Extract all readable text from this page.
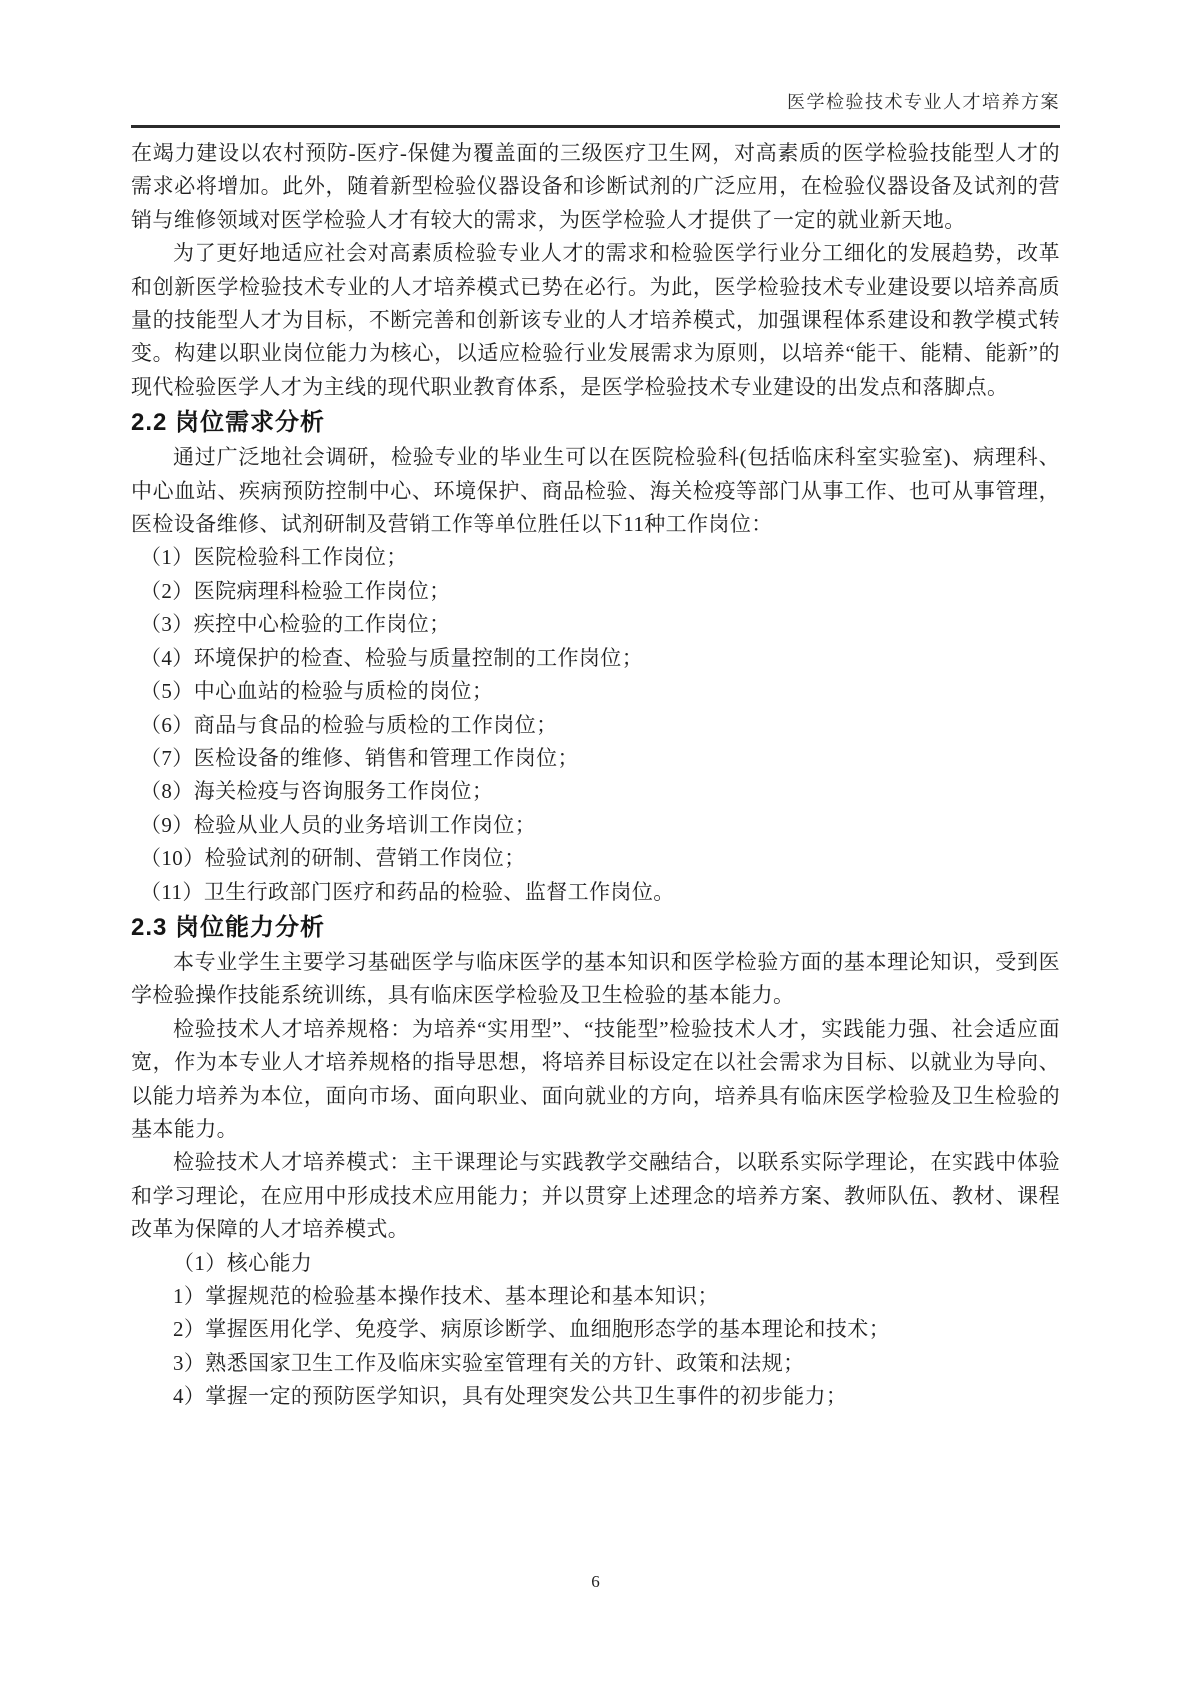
医学检验技术专业人才培养方案

在竭力建设以农村预防-医疗-保健为覆盖面的三级医疗卫生网，对高素质的医学检验技能型人才的需求必将增加。此外，随着新型检验仪器设备和诊断试剂的广泛应用，在检验仪器设备及试剂的营销与维修领域对医学检验人才有较大的需求，为医学检验人才提供了一定的就业新天地。

为了更好地适应社会对高素质检验专业人才的需求和检验医学行业分工细化的发展趋势，改革和创新医学检验技术专业的人才培养模式已势在必行。为此，医学检验技术专业建设要以培养高质量的技能型人才为目标，不断完善和创新该专业的人才培养模式，加强课程体系建设和教学模式转变。构建以职业岗位能力为核心，以适应检验行业发展需求为原则，以培养“能干、能精、能新”的现代检验医学人才为主线的现代职业教育体系，是医学检验技术专业建设的出发点和落脚点。

2.2 岗位需求分析

通过广泛地社会调研，检验专业的毕业生可以在医院检验科(包括临床科室实验室)、病理科、中心血站、疾病预防控制中心、环境保护、商品检验、海关检疫等部门从事工作、也可从事管理，医检设备维修、试剂研制及营销工作等单位胜任以下11种工作岗位：

（1）医院检验科工作岗位；

（2）医院病理科检验工作岗位；

（3）疾控中心检验的工作岗位；

（4）环境保护的检查、检验与质量控制的工作岗位；

（5）中心血站的检验与质检的岗位；

（6）商品与食品的检验与质检的工作岗位；

（7）医检设备的维修、销售和管理工作岗位；

（8）海关检疫与咨询服务工作岗位；

（9）检验从业人员的业务培训工作岗位；

（10）检验试剂的研制、营销工作岗位；

（11）卫生行政部门医疗和药品的检验、监督工作岗位。

2.3 岗位能力分析

本专业学生主要学习基础医学与临床医学的基本知识和医学检验方面的基本理论知识，受到医学检验操作技能系统训练，具有临床医学检验及卫生检验的基本能力。

检验技术人才培养规格：为培养“实用型”、“技能型”检验技术人才，实践能力强、社会适应面宽，作为本专业人才培养规格的指导思想，将培养目标设定在以社会需求为目标、以就业为导向、以能力培养为本位，面向市场、面向职业、面向就业的方向，培养具有临床医学检验及卫生检验的基本能力。

检验技术人才培养模式：主干课理论与实践教学交融结合，以联系实际学理论，在实践中体验和学习理论，在应用中形成技术应用能力；并以贯穿上述理念的培养方案、教师队伍、教材、课程改革为保障的人才培养模式。

（1）核心能力

1）掌握规范的检验基本操作技术、基本理论和基本知识；

2）掌握医用化学、免疫学、病原诊断学、血细胞形态学的基本理论和技术；

3）熟悉国家卫生工作及临床实验室管理有关的方针、政策和法规；

4）掌握一定的预防医学知识，具有处理突发公共卫生事件的初步能力；

6
